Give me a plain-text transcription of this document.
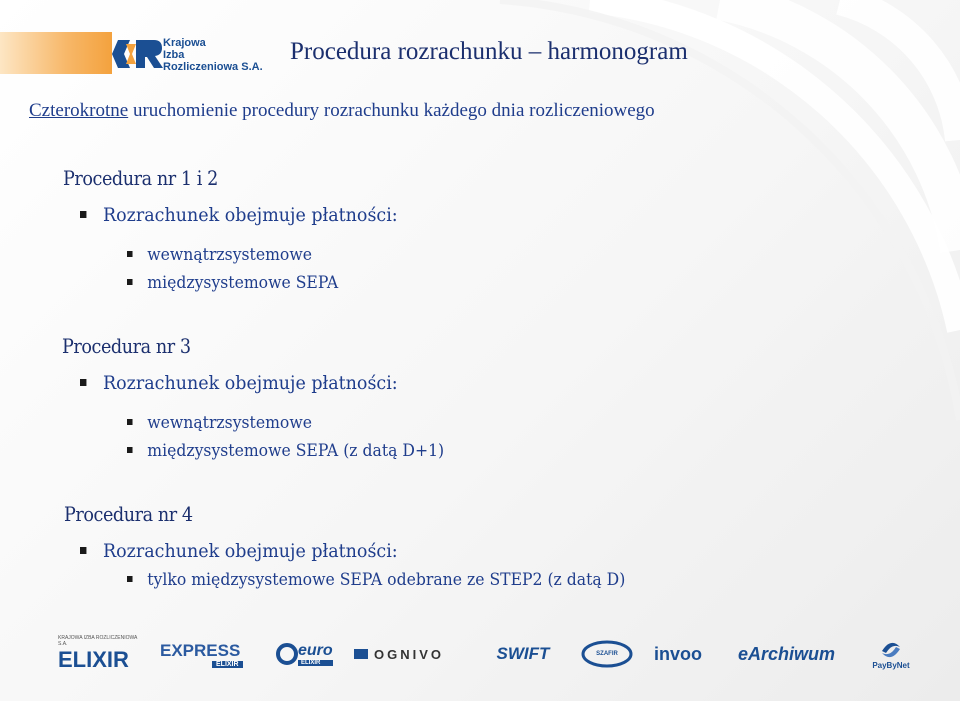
Krajowa
Izba
Rozliczeniowa S.A.
Procedura rozrachunku – harmonogram
Czterokrotne uruchomienie procedury rozrachunku każdego dnia rozliczeniowego
Procedura nr 1 i 2
Rozrachunek obejmuje płatności:
wewnątrzsystemowe
międzysystemowe SEPA
Procedura nr 3
Rozrachunek obejmuje płatności:
wewnątrzsystemowe
międzysystemowe SEPA (z datą D+1)
Procedura nr 4
Rozrachunek obejmuje płatności:
tylko międzysystemowe SEPA odebrane ze STEP2 (z datą D)
KRAJOWA IZBA ROZLICZENIOWA S.A.
ELIXIR EXPRESS
ELIXIR
euro
ELIXIR
OGNIVO	SWIFT	SZAFIR invoo eArchiwum
PayByNet
